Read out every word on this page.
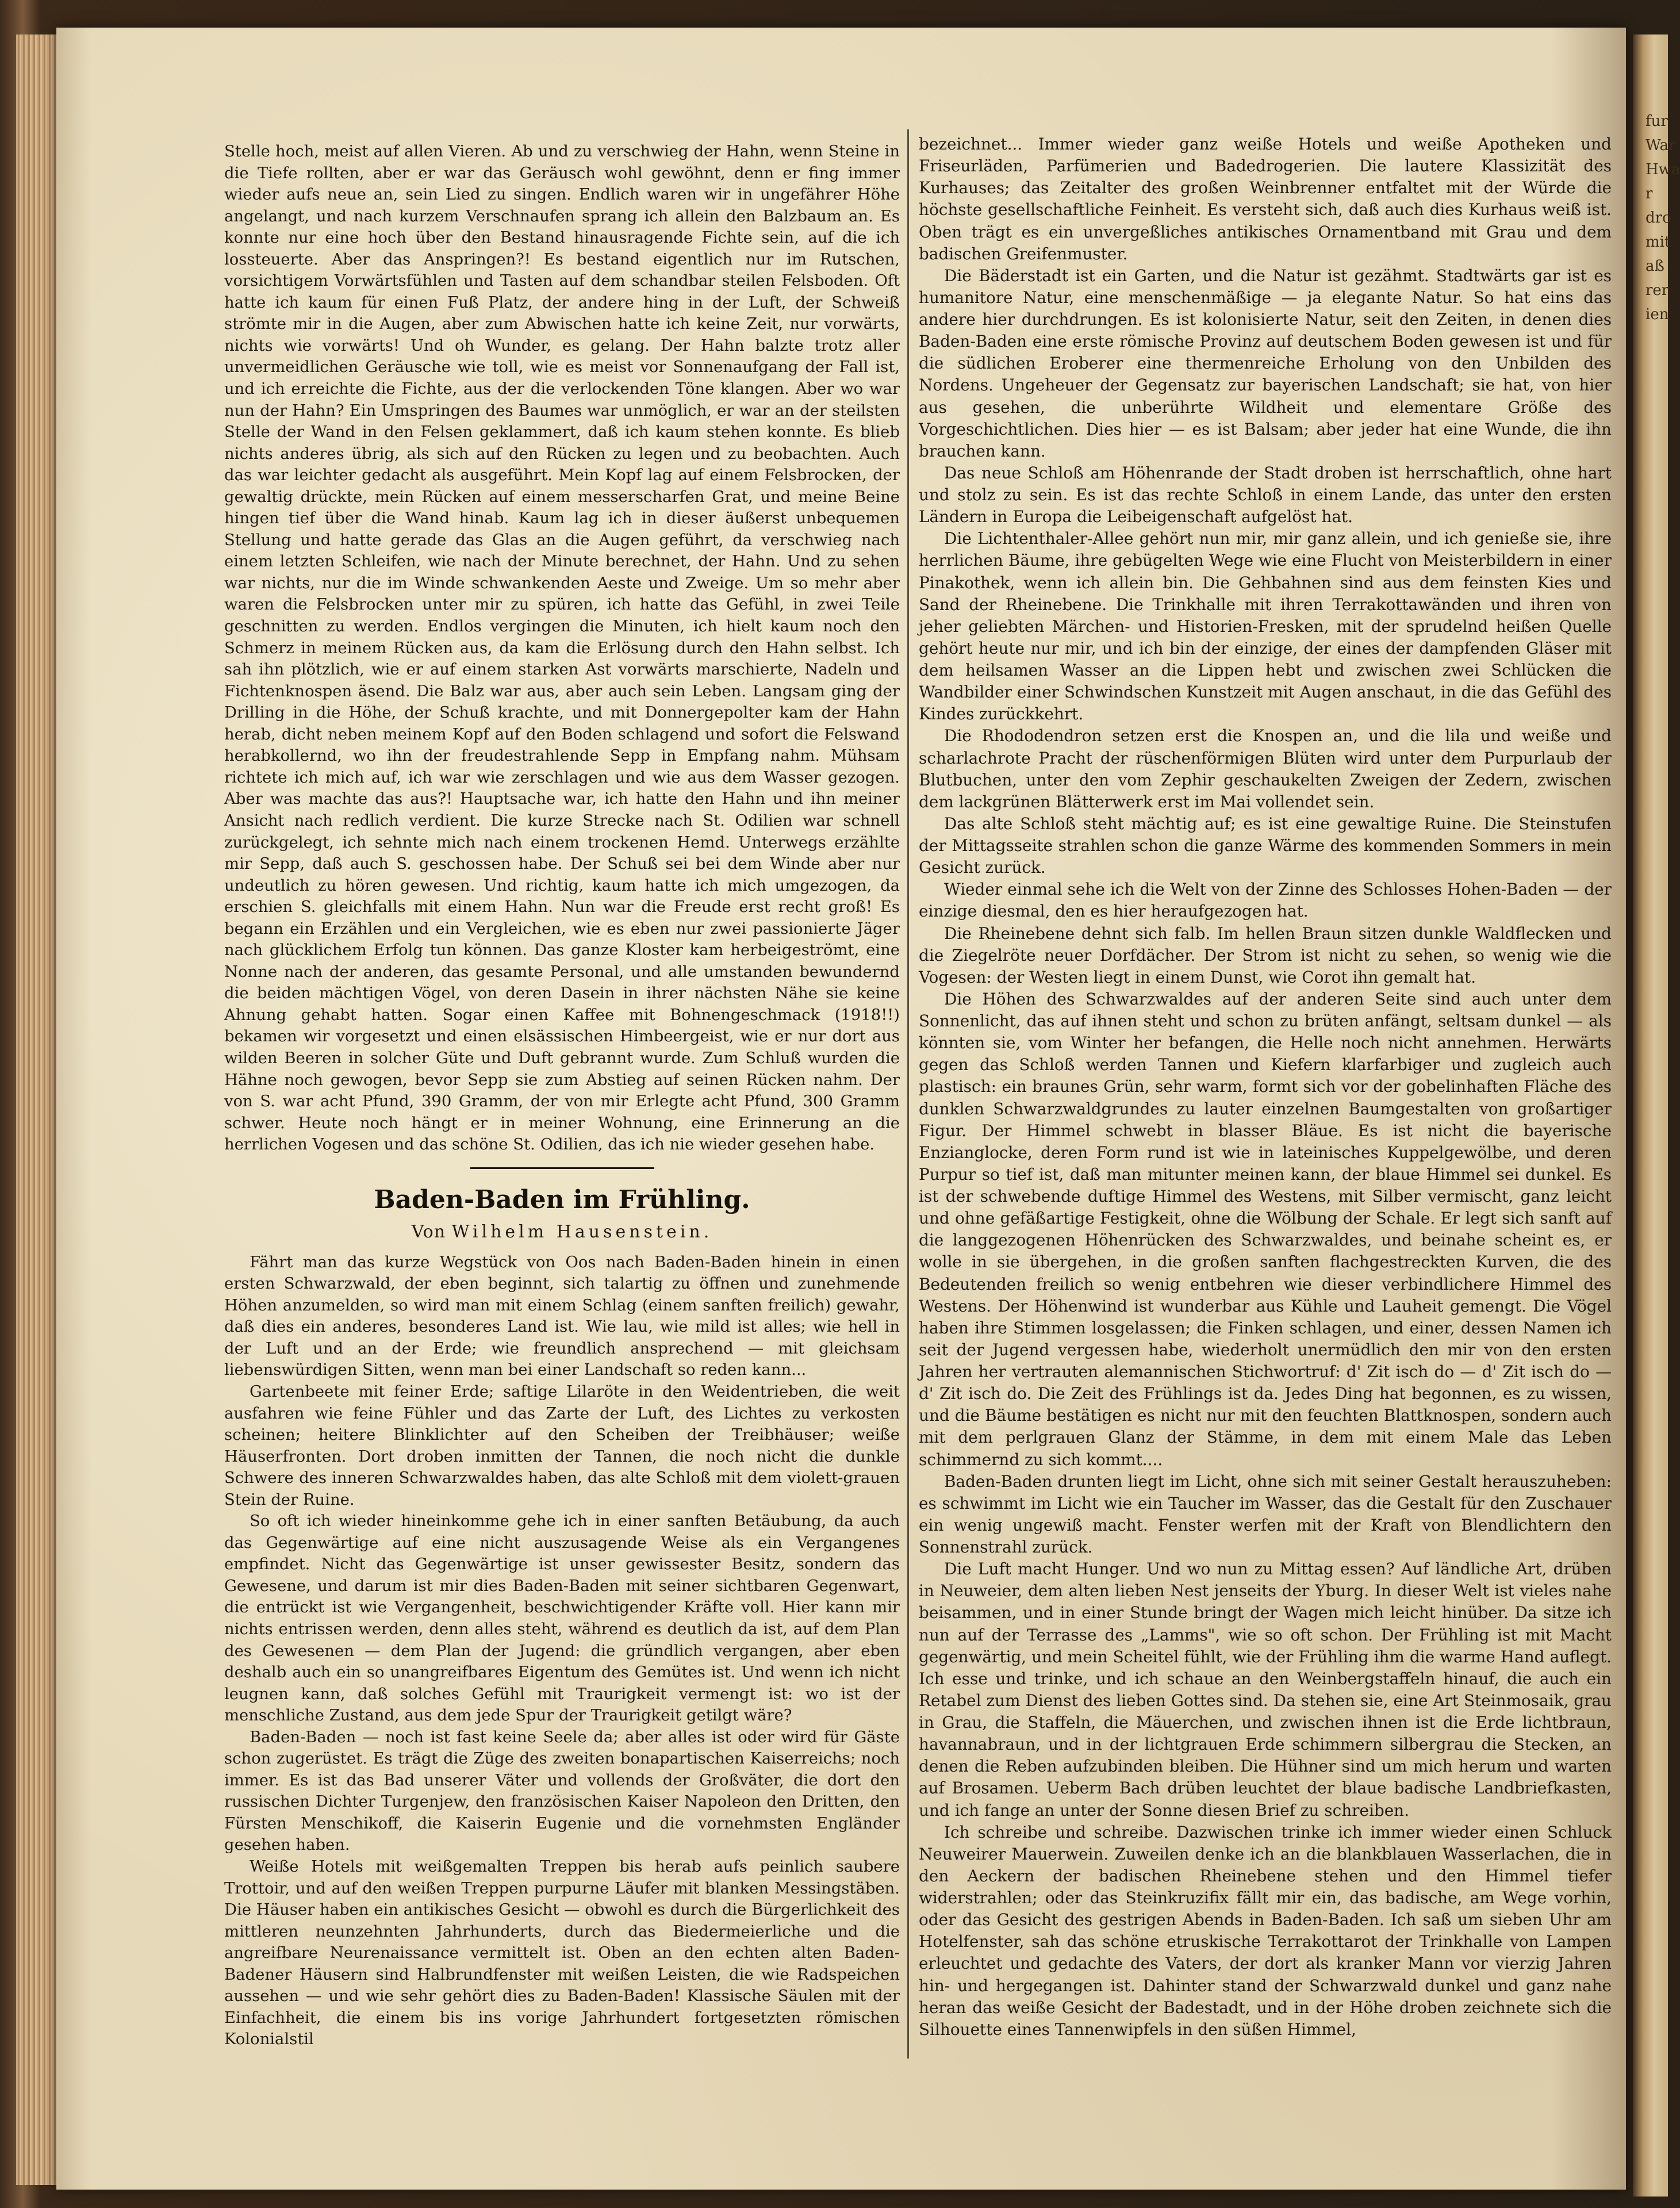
Stelle hoch, meist auf allen Vieren. Ab und zu verschwieg der Hahn, wenn Steine in die Tiefe rollten, aber er war das Geräusch wohl gewöhnt, denn er fing immer wieder aufs neue an, sein Lied zu singen. Endlich waren wir in ungefährer Höhe angelangt, und nach kurzem Verschnaufen sprang ich allein den Balzbaum an. Es konnte nur eine hoch über den Bestand hinausragende Fichte sein, auf die ich lossteuerte. Aber das Anspringen?! Es bestand eigentlich nur im Rutschen, vorsichtigem Vorwärtsfühlen und Tasten auf dem schandbar steilen Felsboden. Oft hatte ich kaum für einen Fuß Platz, der andere hing in der Luft, der Schweiß strömte mir in die Augen, aber zum Abwischen hatte ich keine Zeit, nur vorwärts, nichts wie vorwärts! Und oh Wunder, es gelang. Der Hahn balzte trotz aller unvermeidlichen Geräusche wie toll, wie es meist vor Sonnenaufgang der Fall ist, und ich erreichte die Fichte, aus der die verlockenden Töne klangen. Aber wo war nun der Hahn? Ein Umspringen des Baumes war unmöglich, er war an der steilsten Stelle der Wand in den Felsen geklammert, daß ich kaum stehen konnte. Es blieb nichts anderes übrig, als sich auf den Rücken zu legen und zu beobachten. Auch das war leichter gedacht als ausgeführt. Mein Kopf lag auf einem Felsbrocken, der gewaltig drückte, mein Rücken auf einem messerscharfen Grat, und meine Beine hingen tief über die Wand hinab. Kaum lag ich in dieser äußerst unbequemen Stellung und hatte gerade das Glas an die Augen geführt, da verschwieg nach einem letzten Schleifen, wie nach der Minute berechnet, der Hahn. Und zu sehen war nichts, nur die im Winde schwankenden Aeste und Zweige. Um so mehr aber waren die Felsbrocken unter mir zu spüren, ich hatte das Gefühl, in zwei Teile geschnitten zu werden. Endlos vergingen die Minuten, ich hielt kaum noch den Schmerz in meinem Rücken aus, da kam die Erlösung durch den Hahn selbst. Ich sah ihn plötzlich, wie er auf einem starken Ast vorwärts marschierte, Nadeln und Fichtenknospen äsend. Die Balz war aus, aber auch sein Leben. Langsam ging der Drilling in die Höhe, der Schuß krachte, und mit Donnergepolter kam der Hahn herab, dicht neben meinem Kopf auf den Boden schlagend und sofort die Felswand herabkollernd, wo ihn der freudestrahlende Sepp in Empfang nahm. Mühsam richtete ich mich auf, ich war wie zerschlagen und wie aus dem Wasser gezogen. Aber was machte das aus?! Hauptsache war, ich hatte den Hahn und ihn meiner Ansicht nach redlich verdient. Die kurze Strecke nach St. Odilien war schnell zurückgelegt, ich sehnte mich nach einem trockenen Hemd. Unterwegs erzählte mir Sepp, daß auch S. geschossen habe. Der Schuß sei bei dem Winde aber nur undeutlich zu hören gewesen. Und richtig, kaum hatte ich mich umgezogen, da erschien S. gleichfalls mit einem Hahn. Nun war die Freude erst recht groß! Es begann ein Erzählen und ein Vergleichen, wie es eben nur zwei passionierte Jäger nach glücklichem Erfolg tun können. Das ganze Kloster kam herbeigeströmt, eine Nonne nach der anderen, das gesamte Personal, und alle umstanden bewundernd die beiden mächtigen Vögel, von deren Dasein in ihrer nächsten Nähe sie keine Ahnung gehabt hatten. Sogar einen Kaffee mit Bohnengeschmack (1918!!) bekamen wir vorgesetzt und einen elsässischen Himbeergeist, wie er nur dort aus wilden Beeren in solcher Güte und Duft gebrannt wurde. Zum Schluß wurden die Hähne noch gewogen, bevor Sepp sie zum Abstieg auf seinen Rücken nahm. Der von S. war acht Pfund, 390 Gramm, der von mir Erlegte acht Pfund, 300 Gramm schwer. Heute noch hängt er in meiner Wohnung, eine Erinnerung an die herrlichen Vogesen und das schöne St. Odilien, das ich nie wieder gesehen habe.

Baden-Baden im Frühling.
Von Wilhelm Hausenstein.

Fährt man das kurze Wegstück von Oos nach Baden-Baden hinein in einen ersten Schwarzwald, der eben beginnt, sich talartig zu öffnen und zunehmende Höhen anzumelden, so wird man mit einem Schlag (einem sanften freilich) gewahr, daß dies ein anderes, besonderes Land ist. Wie lau, wie mild ist alles; wie hell in der Luft und an der Erde; wie freundlich ansprechend — mit gleichsam liebenswürdigen Sitten, wenn man bei einer Landschaft so reden kann...

Gartenbeete mit feiner Erde; saftige Lilaröte in den Weidentrieben, die weit ausfahren wie feine Fühler und das Zarte der Luft, des Lichtes zu verkosten scheinen; heitere Blinklichter auf den Scheiben der Treibhäuser; weiße Häuserfronten. Dort droben inmitten der Tannen, die noch nicht die dunkle Schwere des inneren Schwarzwaldes haben, das alte Schloß mit dem violett-grauen Stein der Ruine.

So oft ich wieder hineinkomme gehe ich in einer sanften Betäubung, da auch das Gegenwärtige auf eine nicht auszusagende Weise als ein Vergangenes empfindet. Nicht das Gegenwärtige ist unser gewissester Besitz, sondern das Gewesene, und darum ist mir dies Baden-Baden mit seiner sichtbaren Gegenwart, die entrückt ist wie Vergangenheit, beschwichtigender Kräfte voll. Hier kann mir nichts entrissen werden, denn alles steht, während es deutlich da ist, auf dem Plan des Gewesenen — dem Plan der Jugend: die gründlich vergangen, aber eben deshalb auch ein so unangreifbares Eigentum des Gemütes ist. Und wenn ich nicht leugnen kann, daß solches Gefühl mit Traurigkeit vermengt ist: wo ist der menschliche Zustand, aus dem jede Spur der Traurigkeit getilgt wäre?

Baden-Baden — noch ist fast keine Seele da; aber alles ist oder wird für Gäste schon zugerüstet. Es trägt die Züge des zweiten bonapartischen Kaiserreichs; noch immer. Es ist das Bad unserer Väter und vollends der Großväter, die dort den russischen Dichter Turgenjew, den französischen Kaiser Napoleon den Dritten, den Fürsten Menschikoff, die Kaiserin Eugenie und die vornehmsten Engländer gesehen haben.

Weiße Hotels mit weißgemalten Treppen bis herab aufs peinlich saubere Trottoir, und auf den weißen Treppen purpurne Läufer mit blanken Messingstäben. Die Häuser haben ein antikisches Gesicht — obwohl es durch die Bürgerlichkeit des mittleren neunzehnten Jahrhunderts, durch das Biedermeierliche und die angreifbare Neurenaissance vermittelt ist. Oben an den echten alten Baden-Badener Häusern sind Halbrundfenster mit weißen Leisten, die wie Radspeichen aussehen — und wie sehr gehört dies zu Baden-Baden! Klassische Säulen mit der Einfachheit, die einem bis ins vorige Jahrhundert fortgesetzten römischen Kolonialstil

bezeichnet... Immer wieder ganz weiße Hotels und weiße Apotheken und Friseurläden, Parfümerien und Badedrogerien. Die lautere Klassizität des Kurhauses; das Zeitalter des großen Weinbrenner entfaltet mit der Würde die höchste gesellschaftliche Feinheit. Es versteht sich, daß auch dies Kurhaus weiß ist. Oben trägt es ein unvergeßliches antikisches Ornamentband mit Grau und dem badischen Greifenmuster.

Die Bäderstadt ist ein Garten, und die Natur ist gezähmt. Stadtwärts gar ist es humanitore Natur, eine menschenmäßige — ja elegante Natur. So hat eins das andere hier durchdrungen. Es ist kolonisierte Natur, seit den Zeiten, in denen dies Baden-Baden eine erste römische Provinz auf deutschem Boden gewesen ist und für die südlichen Eroberer eine thermenreiche Erholung von den Unbilden des Nordens. Ungeheuer der Gegensatz zur bayerischen Landschaft; sie hat, von hier aus gesehen, die unberührte Wildheit und elementare Größe des Vorgeschichtlichen. Dies hier — es ist Balsam; aber jeder hat eine Wunde, die ihn brauchen kann.

Das neue Schloß am Höhenrande der Stadt droben ist herrschaftlich, ohne hart und stolz zu sein. Es ist das rechte Schloß in einem Lande, das unter den ersten Ländern in Europa die Leibeigenschaft aufgelöst hat.

Die Lichtenthaler-Allee gehört nun mir, mir ganz allein, und ich genieße sie, ihre herrlichen Bäume, ihre gebügelten Wege wie eine Flucht von Meisterbildern in einer Pinakothek, wenn ich allein bin. Die Gehbahnen sind aus dem feinsten Kies und Sand der Rheinebene. Die Trinkhalle mit ihren Terrakottawänden und ihren von jeher geliebten Märchen- und Historien-Fresken, mit der sprudelnd heißen Quelle gehört heute nur mir, und ich bin der einzige, der eines der dampfenden Gläser mit dem heilsamen Wasser an die Lippen hebt und zwischen zwei Schlücken die Wandbilder einer Schwindschen Kunstzeit mit Augen anschaut, in die das Gefühl des Kindes zurückkehrt.

Die Rhododendron setzen erst die Knospen an, und die lila und weiße und scharlachrote Pracht der rüschenförmigen Blüten wird unter dem Purpurlaub der Blutbuchen, unter den vom Zephir geschaukelten Zweigen der Zedern, zwischen dem lackgrünen Blätterwerk erst im Mai vollendet sein.

Das alte Schloß steht mächtig auf; es ist eine gewaltige Ruine. Die Steinstufen der Mittagsseite strahlen schon die ganze Wärme des kommenden Sommers in mein Gesicht zurück.

Wieder einmal sehe ich die Welt von der Zinne des Schlosses Hohen-Baden — der einzige diesmal, den es hier heraufgezogen hat.

Die Rheinebene dehnt sich falb. Im hellen Braun sitzen dunkle Waldflecken und die Ziegelröte neuer Dorfdächer. Der Strom ist nicht zu sehen, so wenig wie die Vogesen: der Westen liegt in einem Dunst, wie Corot ihn gemalt hat.

Die Höhen des Schwarzwaldes auf der anderen Seite sind auch unter dem Sonnenlicht, das auf ihnen steht und schon zu brüten anfängt, seltsam dunkel — als könnten sie, vom Winter her befangen, die Helle noch nicht annehmen. Herwärts gegen das Schloß werden Tannen und Kiefern klarfarbiger und zugleich auch plastisch: ein braunes Grün, sehr warm, formt sich vor der gobelinhaften Fläche des dunklen Schwarzwaldgrundes zu lauter einzelnen Baumgestalten von großartiger Figur. Der Himmel schwebt in blasser Bläue. Es ist nicht die bayerische Enzianglocke, deren Form rund ist wie in lateinisches Kuppelgewölbe, und deren Purpur so tief ist, daß man mitunter meinen kann, der blaue Himmel sei dunkel. Es ist der schwebende duftige Himmel des Westens, mit Silber vermischt, ganz leicht und ohne gefäßartige Festigkeit, ohne die Wölbung der Schale. Er legt sich sanft auf die langgezogenen Höhenrücken des Schwarzwaldes, und beinahe scheint es, er wolle in sie übergehen, in die großen sanften flachgestreckten Kurven, die des Bedeutenden freilich so wenig entbehren wie dieser verbindlichere Himmel des Westens. Der Höhenwind ist wunderbar aus Kühle und Lauheit gemengt. Die Vögel haben ihre Stimmen losgelassen; die Finken schlagen, und einer, dessen Namen ich seit der Jugend vergessen habe, wiederholt unermüdlich den mir von den ersten Jahren her vertrauten alemannischen Stichwortruf: d' Zit isch do — d' Zit isch do — d' Zit isch do. Die Zeit des Frühlings ist da. Jedes Ding hat begonnen, es zu wissen, und die Bäume bestätigen es nicht nur mit den feuchten Blattknospen, sondern auch mit dem perlgrauen Glanz der Stämme, in dem mit einem Male das Leben schimmernd zu sich kommt....

Baden-Baden drunten liegt im Licht, ohne sich mit seiner Gestalt herauszuheben: es schwimmt im Licht wie ein Taucher im Wasser, das die Gestalt für den Zuschauer ein wenig ungewiß macht. Fenster werfen mit der Kraft von Blendlichtern den Sonnenstrahl zurück.

Die Luft macht Hunger. Und wo nun zu Mittag essen? Auf ländliche Art, drüben in Neuweier, dem alten lieben Nest jenseits der Yburg. In dieser Welt ist vieles nahe beisammen, und in einer Stunde bringt der Wagen mich leicht hinüber. Da sitze ich nun auf der Terrasse des „Lamms", wie so oft schon. Der Frühling ist mit Macht gegenwärtig, und mein Scheitel fühlt, wie der Frühling ihm die warme Hand auflegt. Ich esse und trinke, und ich schaue an den Weinbergstaffeln hinauf, die auch ein Retabel zum Dienst des lieben Gottes sind. Da stehen sie, eine Art Steinmosaik, grau in Grau, die Staffeln, die Mäuerchen, und zwischen ihnen ist die Erde lichtbraun, havannabraun, und in der lichtgrauen Erde schimmern silbergrau die Stecken, an denen die Reben aufzubinden bleiben. Die Hühner sind um mich herum und warten auf Brosamen. Ueberm Bach drüben leuchtet der blaue badische Landbriefkasten, und ich fange an unter der Sonne diesen Brief zu schreiben.

Ich schreibe und schreibe. Dazwischen trinke ich immer wieder einen Schluck Neuweirer Mauerwein. Zuweilen denke ich an die blankblauen Wasserlachen, die in den Aeckern der badischen Rheinebene stehen und den Himmel tiefer widerstrahlen; oder das Steinkruzifix fällt mir ein, das badische, am Wege vorhin, oder das Gesicht des gestrigen Abends in Baden-Baden. Ich saß um sieben Uhr am Hotelfenster, sah das schöne etruskische Terrakottarot der Trinkhalle von Lampen erleuchtet und gedachte des Vaters, der dort als kranker Mann vor vierzig Jahren hin- und hergegangen ist. Dahinter stand der Schwarzwald dunkel und ganz nahe heran das weiße Gesicht der Badestadt, und in der Höhe droben zeichnete sich die Silhouette eines Tannenwipfels in den süßen Himmel,

fur
War
Hwa
r
dro
mit
aß
rer
ien
